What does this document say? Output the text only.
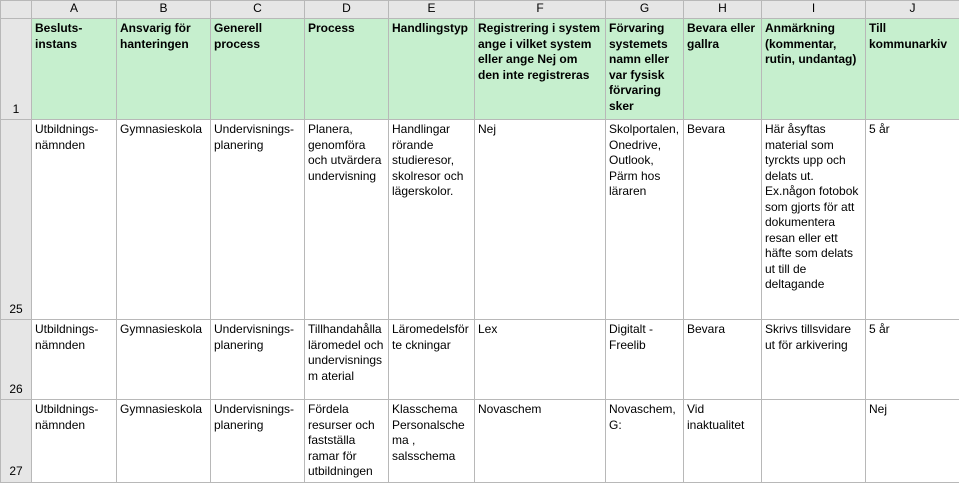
	A	B	C	D	E	F	G	H	I	J
1	Besluts-instans	Ansvarig för hanteringen	Generell process	Process	Handlingstyp	Registrering i system ange i vilket system eller ange Nej om den inte registreras	Förvaring systemets namn eller var fysisk förvaring sker	Bevara eller gallra	Anmärkning (kommentar, rutin, undantag)	Till kommunarkiv

25	Utbildnings-nämnden	Gymnasieskola	Undervisnings-planering	Planera, genomföra och utvärdera undervisning	Handlingar rörande studieresor, skolresor och lägerskolor.	Nej	Skolportalen, Onedrive, Outlook, Pärm hos läraren	Bevara	Här åsyftas material som tyrckts upp och delats ut. Ex.någon fotobok som gjorts för att dokumentera resan eller ett häfte som delats ut till de deltagande	5 år

26	Utbildnings-nämnden	Gymnasieskola	Undervisnings-planering	Tillhandahålla läromedel och undervisningsm aterial	Läromedelsförte ckningar	Lex	Digitalt - Freelib	Bevara	Skrivs tillsvidare ut för arkivering	5 år

27	Utbildnings-nämnden	Gymnasieskola	Undervisnings-planering	Fördela resurser och fastställa ramar för utbildningen	Klasschema Personalschema , salsschema	Novaschem	Novaschem, G:	Vid inaktualitet		Nej
